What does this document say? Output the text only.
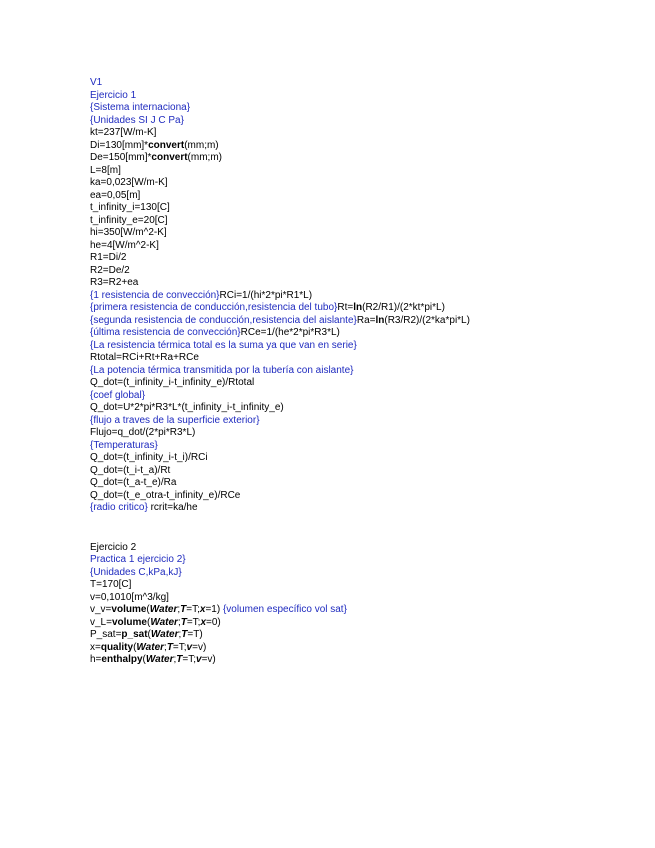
V1
Ejercicio 1
{Sistema internaciona}
{Unidades SI J C Pa}
kt=237[W/m-K]
Di=130[mm]*convert(mm;m)
De=150[mm]*convert(mm;m)
L=8[m]
ka=0,023[W/m-K]
ea=0,05[m]
t_infinity_i=130[C]
t_infinity_e=20[C]
hi=350[W/m^2-K]
he=4[W/m^2-K]
R1=Di/2
R2=De/2
R3=R2+ea
{1 resistencia de convección}RCi=1/(hi*2*pi*R1*L)
{primera resistencia de conducción,resistencia del tubo}Rt=ln(R2/R1)/(2*kt*pi*L)
{segunda resistencia de conducción,resistencia del aislante}Ra=ln(R3/R2)/(2*ka*pi*L)
{última resistencia de convección}RCe=1/(he*2*pi*R3*L)
{La resistencia térmica total es la suma ya que van en serie}
Rtotal=RCi+Rt+Ra+RCe
{La potencia térmica transmitida por la tubería con aislante}
Q_dot=(t_infinity_i-t_infinity_e)/Rtotal
{coef global}
Q_dot=U*2*pi*R3*L*(t_infinity_i-t_infinity_e)
{flujo a traves de la superficie exterior}
Flujo=q_dot/(2*pi*R3*L)
{Temperaturas}
Q_dot=(t_infinity_i-t_i)/RCi
Q_dot=(t_i-t_a)/Rt
Q_dot=(t_a-t_e)/Ra
Q_dot=(t_e_otra-t_infinity_e)/RCe
{radio critico} rcrit=ka/he
Ejercicio 2
Practica 1 ejercicio 2}
{Unidades C,kPa,kJ}
T=170[C]
v=0,1010[m^3/kg]
v_v=volume(Water;T=T;x=1) {volumen específico vol sat}
v_L=volume(Water;T=T;x=0)
P_sat=p_sat(Water;T=T)
x=quality(Water;T=T;v=v)
h=enthalpy(Water;T=T;v=v)
